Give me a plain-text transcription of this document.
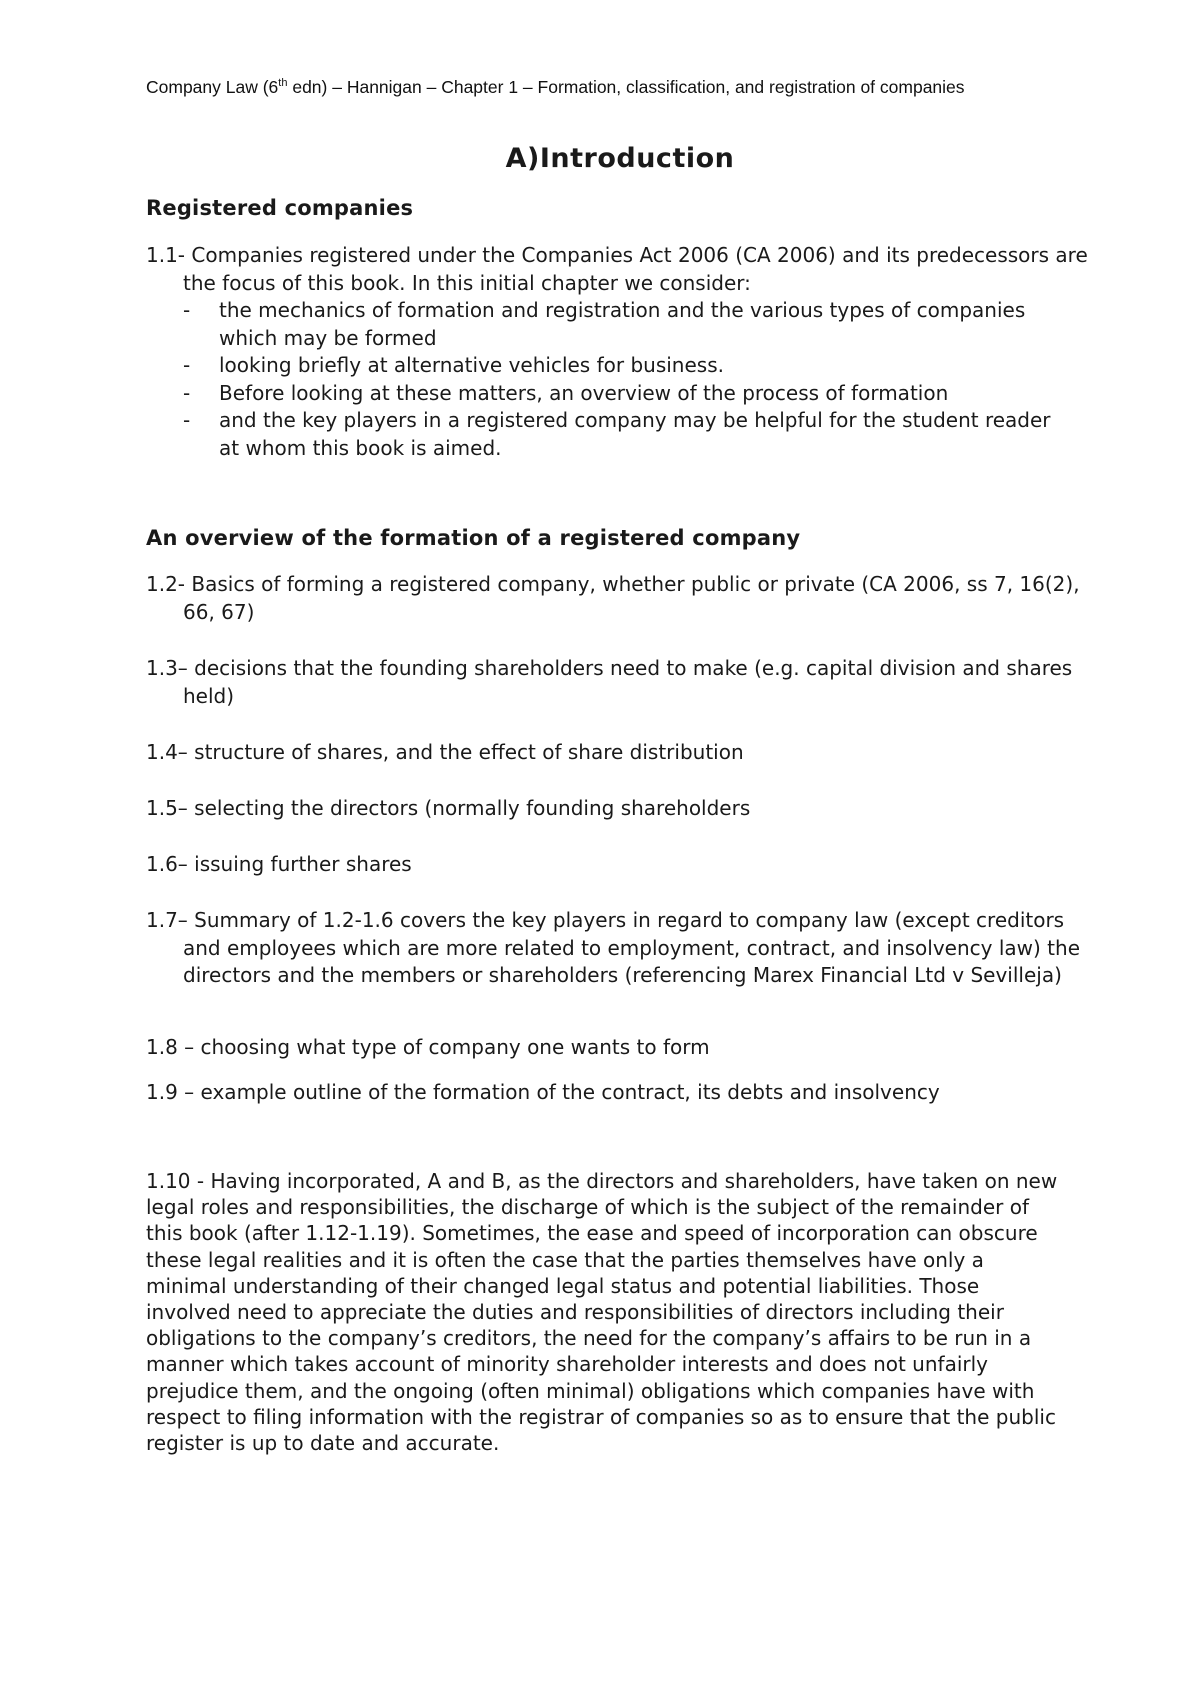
Company Law (6th edn) – Hannigan – Chapter 1 – Formation, classification, and registration of companies
A)Introduction
Registered companies
1.1- Companies registered under the Companies Act 2006 (CA 2006) and its predecessors are the focus of this book. In this initial chapter we consider:
- the mechanics of formation and registration and the various types of companies which may be formed
- looking briefly at alternative vehicles for business.
- Before looking at these matters, an overview of the process of formation
- and the key players in a registered company may be helpful for the student reader at whom this book is aimed.
An overview of the formation of a registered company
1.2- Basics of forming a registered company, whether public or private (CA 2006, ss 7, 16(2), 66, 67)
1.3– decisions that the founding shareholders need to make (e.g. capital division and shares held)
1.4– structure of shares, and the effect of share distribution
1.5– selecting the directors (normally founding shareholders
1.6– issuing further shares
1.7– Summary of 1.2-1.6 covers the key players in regard to company law (except creditors and employees which are more related to employment, contract, and insolvency law) the directors and the members or shareholders (referencing Marex Financial Ltd v Sevilleja)
1.8 – choosing what type of company one wants to form
1.9 – example outline of the formation of the contract, its debts and insolvency
1.10 - Having incorporated, A and B, as the directors and shareholders, have taken on new legal roles and responsibilities, the discharge of which is the subject of the remainder of this book (after 1.12-1.19). Sometimes, the ease and speed of incorporation can obscure these legal realities and it is often the case that the parties themselves have only a minimal understanding of their changed legal status and potential liabilities. Those involved need to appreciate the duties and responsibilities of directors including their obligations to the company’s creditors, the need for the company’s affairs to be run in a manner which takes account of minority shareholder interests and does not unfairly prejudice them, and the ongoing (often minimal) obligations which companies have with respect to filing information with the registrar of companies so as to ensure that the public register is up to date and accurate.
